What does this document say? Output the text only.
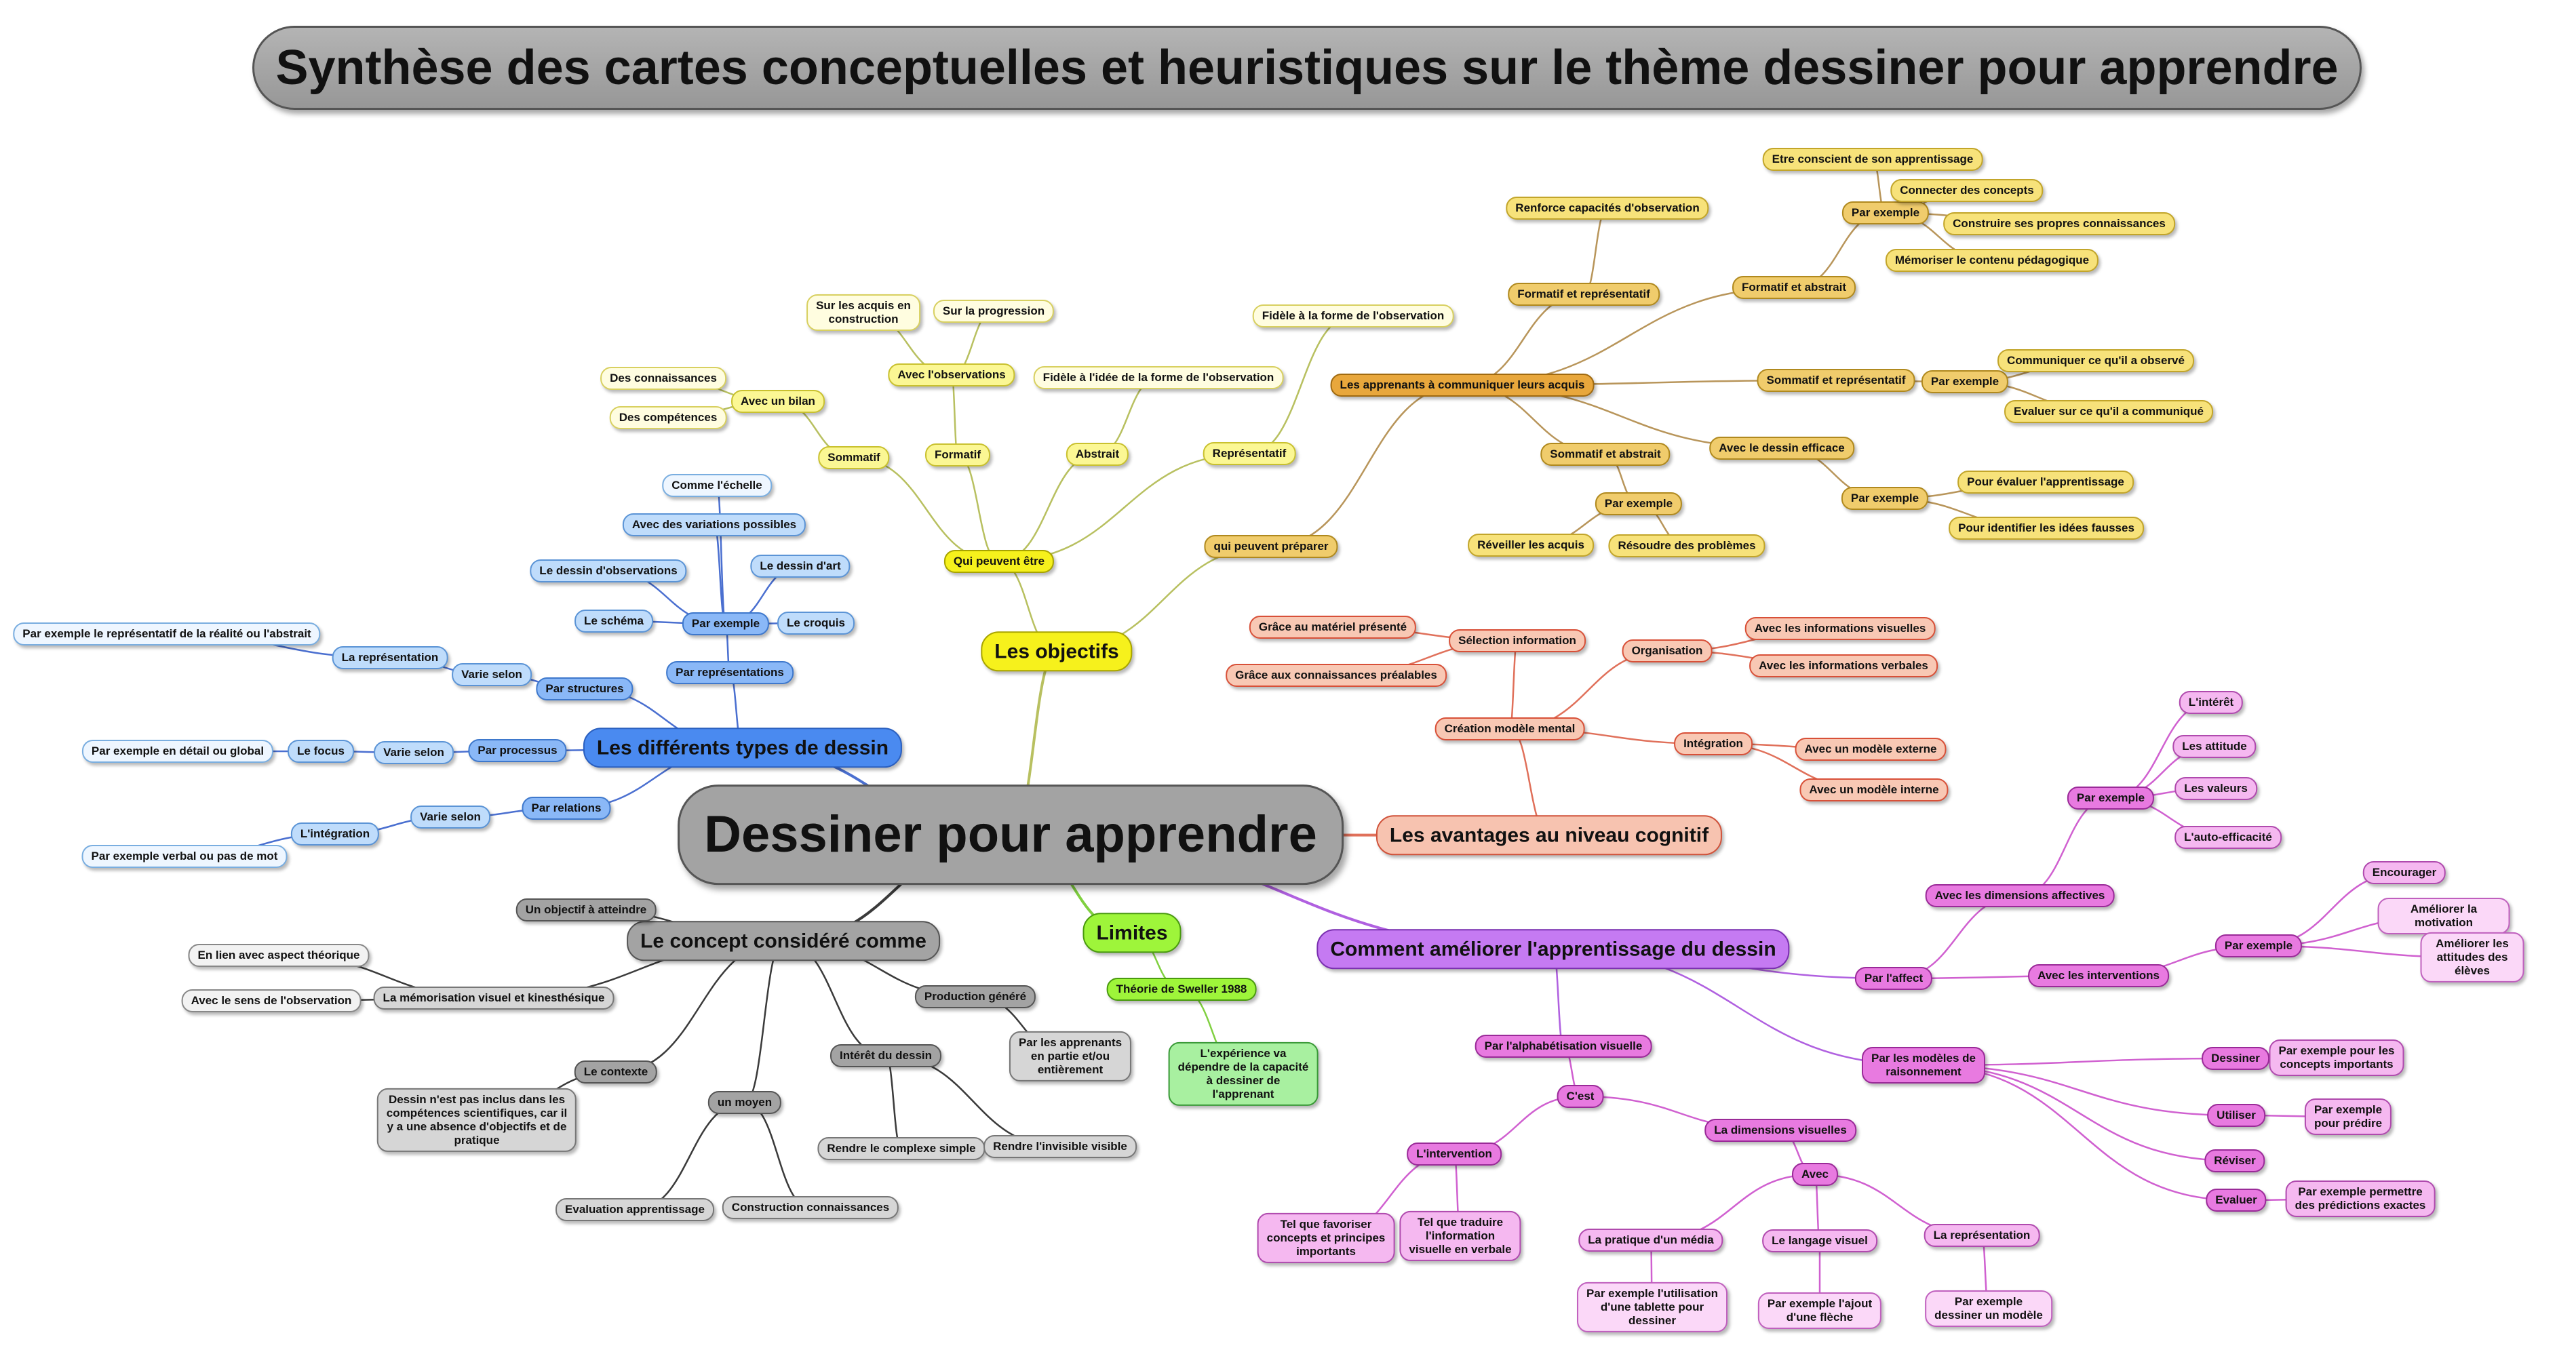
Synthèse des cartes conceptuelles et heuristiques sur le thème dessiner pour apprendre
Dessiner pour apprendre
Les différents types de dessin
Les objectifs
Les avantages au niveau cognitif
Comment améliorer l'apprentissage du dessin
Limites
Le concept considéré comme
Par structures
Par représentations
Par processus
Par relations
Par exemple
Comme l'échelle
Avec des variations possibles
Le dessin d'observations	Le dessin d'art
Le schéma	Le croquis
Varie selon
La représentation
Par exemple le représentatif de la réalité ou l'abstrait
Varie selon
Le focus
Par exemple en détail ou global
Varie selon
L'intégration
Par exemple verbal ou pas de mot
Qui peuvent être
Sommatif
Avec un bilan
Des connaissances
Des compétences
Formatif
Avec l'observations
Sur les acquis en
construction
Sur la progression
Abstrait
Fidèle à l'idée de la forme de l'observation
Représentatif
Fidèle à la forme de l'observation
qui peuvent préparer
Les apprenants à communiquer leurs acquis
Formatif et représentatif
Renforce capacités d'observation
Formatif et abstrait
Par exemple
Etre conscient de son apprentissage
Connecter des concepts
Construire ses propres connaissances
Mémoriser le contenu pédagogique
Sommatif et représentatif	Par exemple
Communiquer ce qu'il a observé
Evaluer sur ce qu'il a communiqué
Sommatif et abstrait
Par exemple
Réveiller les acquis	Résoudre des problèmes
Avec le dessin efficace
Par exemple
Pour évaluer l'apprentissage
Pour identifier les idées fausses
Sélection information
Grâce au matériel présenté
Grâce aux connaissances préalables
Organisation
Avec les informations visuelles
Avec les informations verbales
Création modèle mental
Intégration	Avec un modèle externe
Avec un modèle interne
Par l'affect
Avec les dimensions affectives
Par exemple
L'intérêt
Les attitude
Les valeurs
L'auto-efficacité
Avec les interventions
Par exemple
Encourager
Améliorer la motivation
Améliorer les attitudes des élèves
Par les modèles de
raisonnement
Dessiner
Par exemple pour les
concepts importants
Utiliser	Par exemple
pour prédire
Réviser
Evaluer
Par exemple permettre
des prédictions exactes
Par l'alphabétisation visuelle
C'est
L'intervention
Tel que favoriser
concepts et principes
importants
Tel que traduire
l'information
visuelle en verbale
La dimensions visuelles
Avec
La pratique d'un média	Le langage visuel	La représentation
Par exemple l'utilisation
d'une tablette pour
dessiner
Par exemple l'ajout
d'une flèche
Par exemple
dessiner un modèle
Théorie de Sweller 1988
L'expérience va
dépendre de la capacité
à dessiner de
l'apprenant
Un objectif à atteindre
La mémorisation visuel et kinesthésique
En lien avec aspect théorique
Avec le sens de l'observation
Le contexte
Dessin n'est pas inclus dans les
compétences scientifiques, car il
y a une absence d'objectifs et de
pratique
un moyen
Evaluation apprentissage	Construction connaissances
Intérêt du dessin
Rendre le complexe simple	Rendre l'invisible visible
Production généré
Par les apprenants
en partie et/ou
entièrement
